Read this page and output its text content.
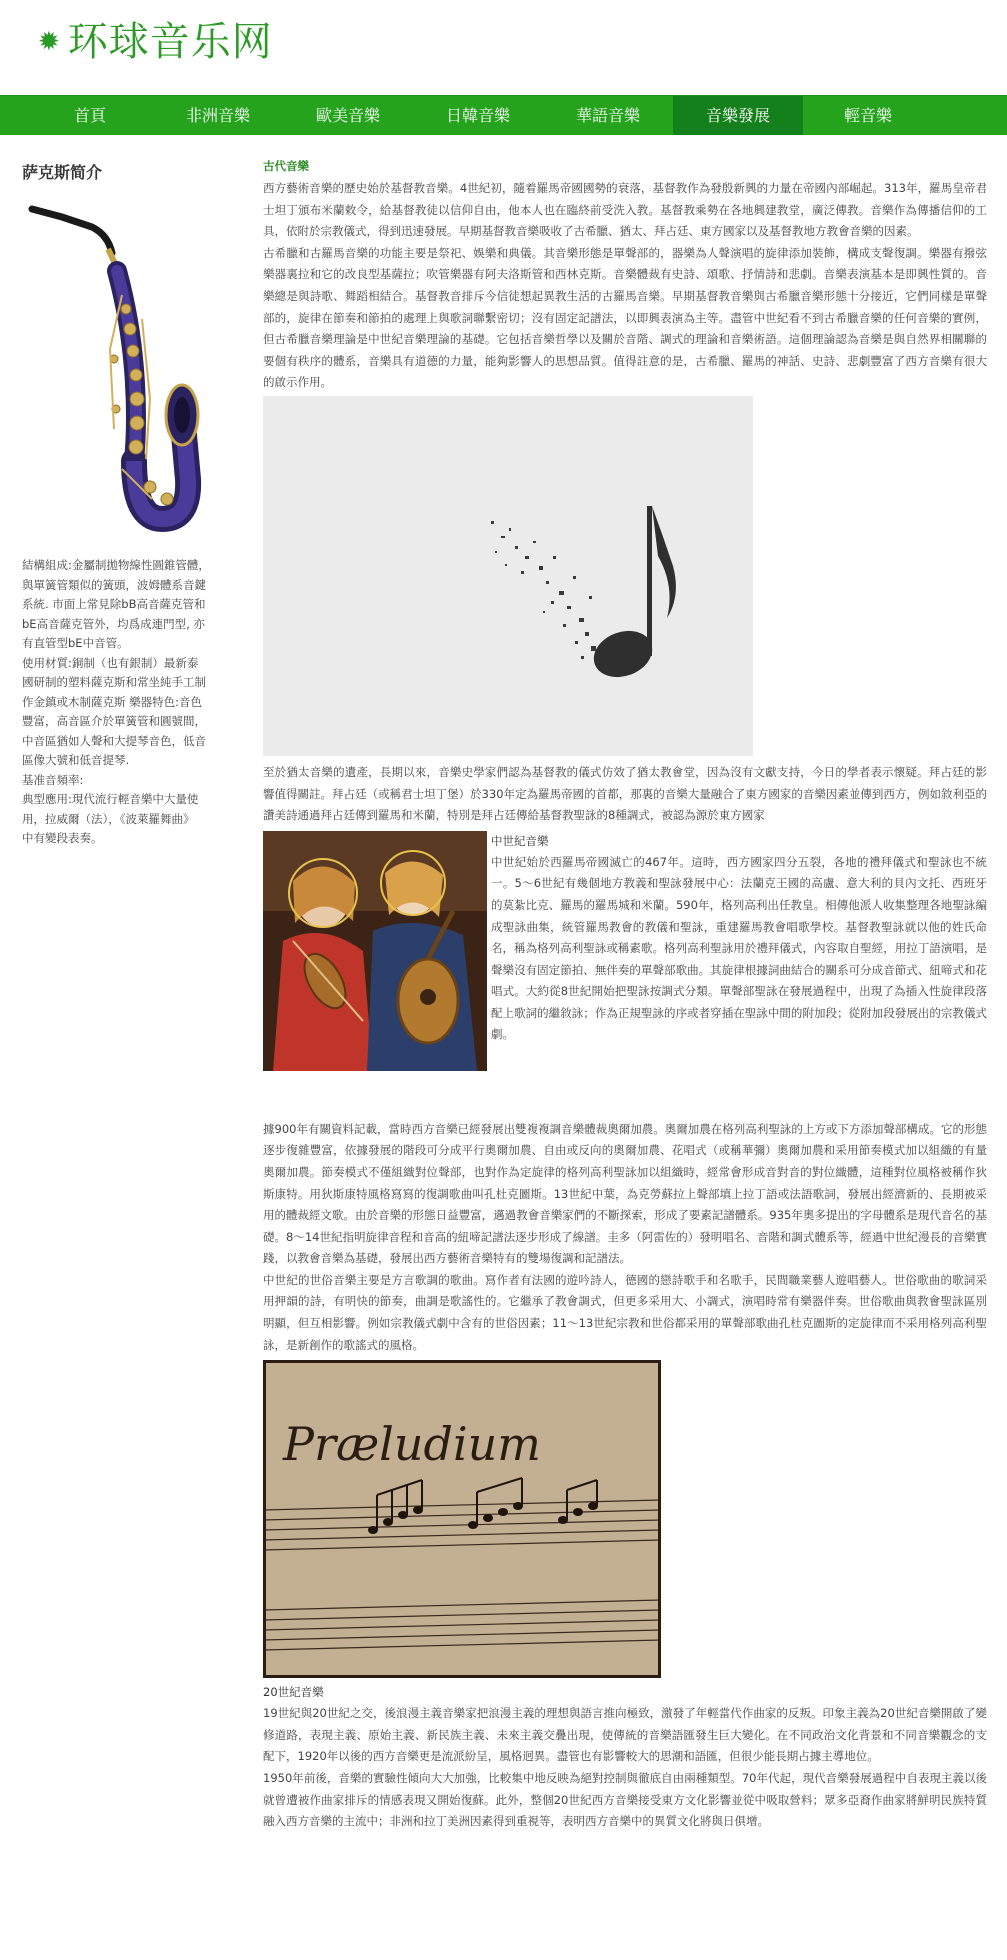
✹ 环球音乐网
首頁	非洲音樂	歐美音樂	日韓音樂	華語音樂	音樂發展	輕音樂
萨克斯简介

結構組成:金屬制拋物線性圓錐管體，

與單簧管類似的簧頭，波姆體系音鍵

系統. 市面上常見除bB高音薩克管和

bE高音薩克管外，均爲成連門型, 亦

有直管型bE中音管。

使用材質:銅制（也有銀制）最新泰

國研制的塑料薩克斯和常坐純手工制

作金鎮或木制薩克斯 樂器特色:音色

豐富，高音區介於單簧管和圓號間，

中音區猶如人聲和大提琴音色，低音

區像大號和低音提琴.

基准音頻率:

典型應用:現代流行輕音樂中大量使

用，拉威爾（法），《波萊羅舞曲》

中有變段表奏。

古代音樂

西方藝術音樂的歷史始於基督教音樂。4世紀初，隨着羅馬帝國國勢的衰落，基督教作為發殷新興的力量在帝國內部崛起。313年，羅馬皇帝君士坦丁頒布米蘭敕令，給基督教徒以信仰自由，他本人也在臨終前受洗入教。基督教乘勢在各地興建教堂，廣泛傳教。音樂作為傳播信仰的工具，依附於宗教儀式，得到迅速發展。早期基督教音樂吸收了古希臘、猶太、拜占廷、東方國家以及基督教地方教會音樂的因素。

古希臘和古羅馬音樂的功能主要是祭祀、娛樂和典儀。其音樂形態是單聲部的，器樂為人聲演唱的旋律添加裝飾，構成支聲復調。樂器有撥弦樂器裏拉和它的改良型基薩拉；吹管樂器有阿夫洛斯管和西林克斯。音樂體裁有史詩、頌歌、抒情詩和悲劇。音樂表演基本是即興性質的。音樂總是與詩歌、舞蹈相結合。基督教音排斥今信徒想起異教生活的古羅馬音樂。早期基督教音樂與古希臘音樂形態十分接近，它們同樣是單聲部的，旋律在節奏和節拍的處理上與歌詞聯繫密切；沒有固定記譜法，以即興表演為主等。盡管中世紀看不到古希臘音樂的任何音樂的實例，但古希臘音樂理論是中世紀音樂理論的基礎。它包括音樂哲學以及關於音階、調式的理論和音樂術語。這個理論認為音樂是與自然界相關聯的要個有秩序的體系，音樂具有道德的力量，能夠影響人的思想品質。值得註意的是，古希臘、羅馬的神話、史詩、悲劇豐富了西方音樂有很大的啟示作用。

至於猶太音樂的遺產，長期以來，音樂史學家們認為基督教的儀式仿效了猶太教會堂，因為沒有文獻支持，今日的學者表示懷疑。拜占廷的影響值得關註。拜占廷（或稱君士坦丁堡）於330年定為羅馬帝國的首都，那裏的音樂大量融合了東方國家的音樂因素並傳到西方，例如敘利亞的讚美詩通過拜占廷傳到羅馬和米蘭，特別是拜占廷傳給基督教聖詠的8種調式，被認為源於東方國家

中世紀音樂

中世紀始於西羅馬帝國滅亡的467年。這時，西方國家四分五裂，各地的禮拜儀式和聖詠也不統一。5～6世紀有幾個地方教義和聖詠發展中心：法蘭克王國的高盧、意大利的貝內文托、西班牙的莫紮比克、羅馬的羅馬城和米蘭。590年，格列高利出任教皇。相傳他派人收集整理各地聖詠編成聖詠曲集，統管羅馬教會的教儀和聖詠，重建羅馬教會唱歌學校。基督教聖詠就以他的姓氏命名，稱為格列高利聖詠或稱素歌。格列高利聖詠用於禮拜儀式，內容取自聖經，用拉丁語演唱，是聲樂沒有固定節拍、無伴奏的單聲部歌曲。其旋律根據詞曲結合的關系可分成音節式、紐啼式和花唱式。大約從8世紀開始把聖詠按調式分類。單聲部聖詠在發展過程中，出現了為插入性旋律段落配上歌詞的繼敘詠；作為正規聖詠的序或者穿插在聖詠中間的附加段；從附加段發展出的宗教儀式劇。

據900年有關資料記載，當時西方音樂已經發展出雙複複調音樂體裁奧爾加農。奧爾加農在格列高利聖詠的上方或下方添加聲部構成。它的形態逐步復雜豐富，依據發展的階段可分成平行奧爾加農、自由或反向的奧爾加農、花唱式（或稱華彌）奧爾加農和采用節奏模式加以組織的有量奧爾加農。節奏模式不僅組織對位聲部，也對作為定旋律的格列高利聖詠加以組織時，經常會形成音對音的對位織體，這種對位風格被稱作狄斯康特。用狄斯康特風格寫寫的復調歌曲叫孔杜克圖斯。13世紀中葉，為克勞蘇拉上聲部填上拉丁語或法語歌詞，發展出經濟新的、長期被采用的體裁經文歌。由於音樂的形態日益豐富，邁過教會音樂家們的不斷探索，形成了要素記譜體系。935年奧多提出的字母體系是現代音名的基礎。8～14世紀指明旋律音程和音高的紐啼記譜法逐步形成了線譜。圭多（阿雷佐的）發明唱名、音階和調式體系等，經過中世紀漫長的音樂實踐，以教會音樂為基礎，發展出西方藝術音樂特有的雙場復調和記譜法。

中世紀的世俗音樂主要是方言歌調的歌曲。寫作者有法國的遊吟詩人，德國的戀詩歌手和名歌手，民間職業藝人遊唱藝人。世俗歌曲的歌詞采用押韻的詩，有明快的節奏，曲調是歌謠性的。它繼承了教會調式，但更多采用大、小調式，演唱時常有樂器伴奏。世俗歌曲與教會聖詠區別明顯，但互相影響。例如宗教儀式劇中含有的世俗因素；11～13世紀宗教和世俗都采用的單聲部歌曲孔杜克圖斯的定旋律而不采用格列高利聖詠，是新創作的歌謠式的風格。

Præludium
20世紀音樂

19世紀與20世紀之交，後浪漫主義音樂家把浪漫主義的理想與語言推向極致，激發了年輕當代作曲家的反叛。印象主義為20世紀音樂開啟了變修道路，表現主義、原始主義、新民族主義、未來主義交疊出現，使傳統的音樂語匯發生巨大變化。在不同政治文化背景和不同音樂觀念的支配下，1920年以後的西方音樂更是流派紛呈，風格迥異。盡管也有影響較大的思潮和語匯，但很少能長期占據主導地位。

1950年前後，音樂的實驗性傾向大大加強，比較集中地反映為絕對控制與徹底自由兩種類型。70年代起，現代音樂發展過程中自表現主義以後就曾遭被作曲家排斥的情感表現又開始復蘇。此外，整個20世紀西方音樂接受東方文化影響並從中吸取營料；眾多亞裔作曲家將鮮明民族特質融入西方音樂的主流中；非洲和拉丁美洲因素得到重視等，表明西方音樂中的異質文化將與日俱增。
